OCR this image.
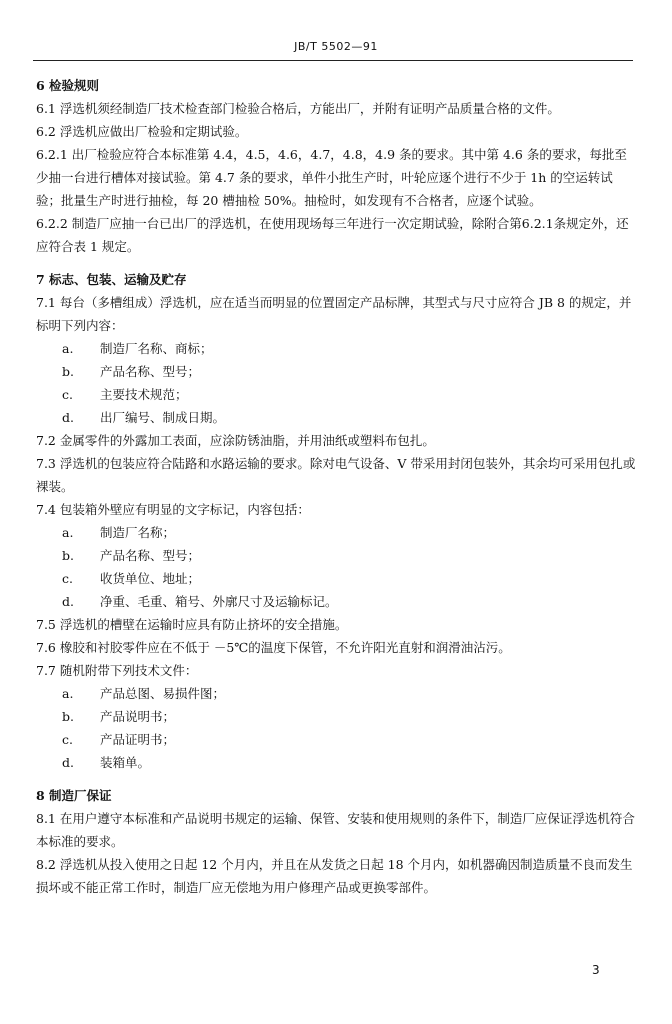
JB/T 5502—91
6 检验规则
6.1 浮选机须经制造厂技术检查部门检验合格后，方能出厂，并附有证明产品质量合格的文件。
6.2 浮选机应做出厂检验和定期试验。
6.2.1 出厂检验应符合本标准第 4.4，4.5，4.6，4.7，4.8，4.9 条的要求。其中第 4.6 条的要求，每批至少抽一台进行槽体对接试验。第 4.7 条的要求，单件小批生产时，叶轮应逐个进行不少于 1h 的空运转试验；批量生产时进行抽检，每 20 槽抽检 50%。抽检时，如发现有不合格者，应逐个试验。
6.2.2 制造厂应抽一台已出厂的浮选机，在使用现场每三年进行一次定期试验，除附合第6.2.1条规定外，还应符合表 1 规定。
7 标志、包装、运输及贮存
7.1 每台（多槽组成）浮选机，应在适当而明显的位置固定产品标牌，其型式与尺寸应符合 JB 8 的规定，并标明下列内容：
a. 制造厂名称、商标；
b. 产品名称、型号；
c. 主要技术规范；
d. 出厂编号、制成日期。
7.2 金属零件的外露加工表面，应涂防锈油脂，并用油纸或塑料布包扎。
7.3 浮选机的包装应符合陆路和水路运输的要求。除对电气设备、V 带采用封闭包装外，其余均可采用包扎或裸装。
7.4 包装箱外壁应有明显的文字标记，内容包括：
a. 制造厂名称；
b. 产品名称、型号；
c. 收货单位、地址；
d. 净重、毛重、箱号、外廓尺寸及运输标记。
7.5 浮选机的槽壁在运输时应具有防止挤坏的安全措施。
7.6 橡胶和衬胶零件应在不低于 －5℃的温度下保管，不允许阳光直射和润滑油沾污。
7.7 随机附带下列技术文件：
a. 产品总图、易损件图；
b. 产品说明书；
c. 产品证明书；
d. 装箱单。
8 制造厂保证
8.1 在用户遵守本标准和产品说明书规定的运输、保管、安装和使用规则的条件下，制造厂应保证浮选机符合本标准的要求。
8.2 浮选机从投入使用之日起 12 个月内，并且在从发货之日起 18 个月内，如机器确因制造质量不良而发生损坏或不能正常工作时，制造厂应无偿地为用户修理产品或更换零部件。
3
